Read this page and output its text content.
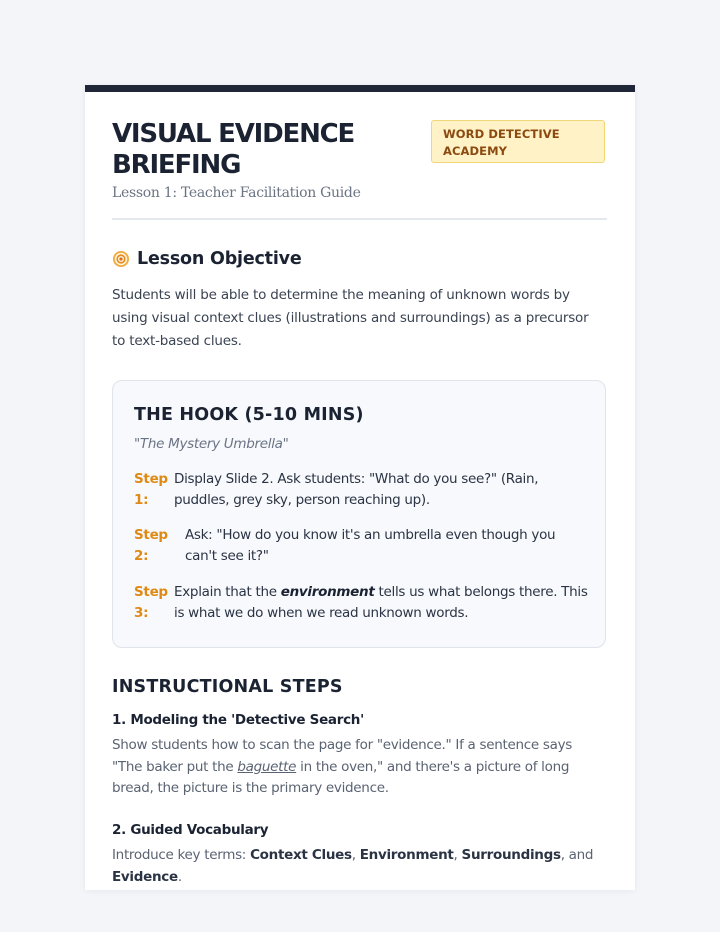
VISUAL EVIDENCE BRIEFING
Lesson 1: Teacher Facilitation Guide
WORD DETECTIVE ACADEMY
Lesson Objective
Students will be able to determine the meaning of unknown words by using visual context clues (illustrations and surroundings) as a precursor to text-based clues.
THE HOOK (5-10 MINS)
"The Mystery Umbrella"
Step 1:
Display Slide 2. Ask students: "What do you see?" (Rain, puddles, grey sky, person reaching up).
Step 2:
Ask: "How do you know it's an umbrella even though you can't see it?"
Step 3:
Explain that the environment tells us what belongs there. This is what we do when we read unknown words.
INSTRUCTIONAL STEPS
1. Modeling the 'Detective Search'
Show students how to scan the page for "evidence." If a sentence says "The baker put the baguette in the oven," and there's a picture of long bread, the picture is the primary evidence.
2. Guided Vocabulary
Introduce key terms: Context Clues, Environment, Surroundings, and Evidence.
